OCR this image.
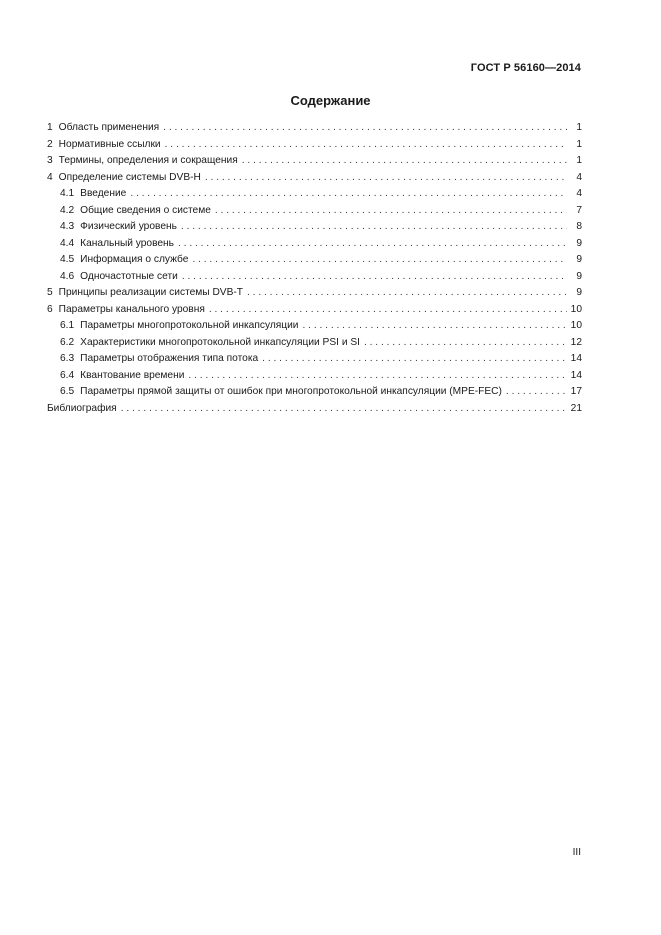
ГОСТ Р 56160—2014
Содержание
1 Область применения . . .	1
2 Нормативные ссылки . . .	1
3 Термины, определения и сокращения . . .	1
4 Определение системы DVB-H . . .	4
4.1 Введение . . .	4
4.2 Общие сведения о системе . . .	7
4.3 Физический уровень . . .	8
4.4 Канальный уровень . . .	9
4.5 Информация о службе . . .	9
4.6 Одночастотные сети . . .	9
5 Принципы реализации системы DVB-T . . .	9
6 Параметры канального уровня . . .	10
6.1 Параметры многопротокольной инкапсуляции . . .	10
6.2 Характеристики многопротокольной инкапсуляции PSI и SI . . .	12
6.3 Параметры отображения типа потока . . .	14
6.4 Квантование времени . . .	14
6.5 Параметры прямой защиты от ошибок при многопротокольной инкапсуляции (MPE-FEC) . . .	17
Библиография . . .	21
III
